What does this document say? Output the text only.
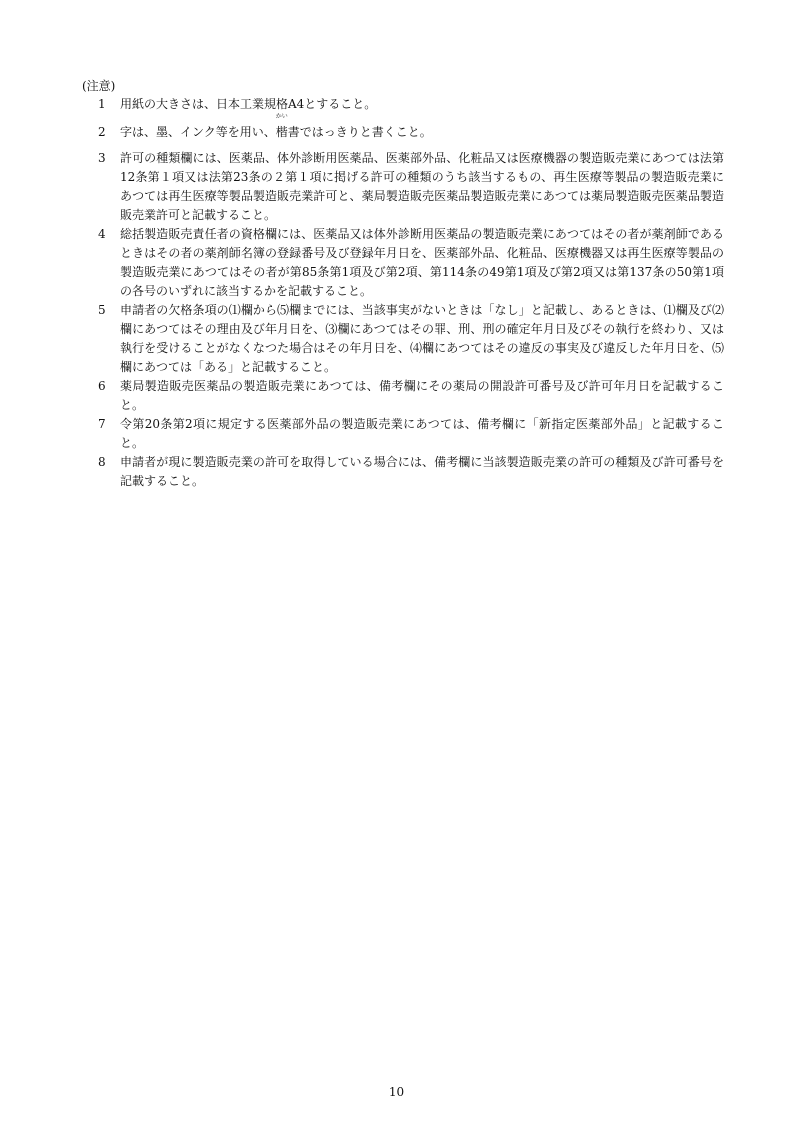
(注意)
1	用紙の大きさは、日本工業規格A4とすること。
2	字は、墨、インク等を用い、
かい
楷書ではっきりと書くこと。
3	許可の種類欄には、医薬品、体外診断用医薬品、医薬部外品、化粧品又は医療機器の製造販売業にあつては法第12条第１項又は法第23条の２第１項に掲げる許可の種類のうち該当するもの、再生医療等製品の製造販売業にあつては再生医療等製品製造販売業許可と、薬局製造販売医薬品製造販売業にあつては薬局製造販売医薬品製造販売業許可と記載すること。
4	総括製造販売責任者の資格欄には、医薬品又は体外診断用医薬品の製造販売業にあつてはその者が薬剤師であるときはその者の薬剤師名簿の登録番号及び登録年月日を、医薬部外品、化粧品、医療機器又は再生医療等製品の製造販売業にあつてはその者が第85条第1項及び第2項、第114条の49第1項及び第2項又は第137条の50第1項の各号のいずれに該当するかを記載すること。
5	申請者の欠格条項の⑴欄から⑸欄までには、当該事実がないときは「なし」と記載し、あるときは、⑴欄及び⑵欄にあつてはその理由及び年月日を、⑶欄にあつてはその罪、刑、刑の確定年月日及びその執行を終わり、又は執行を受けることがなくなつた場合はその年月日を、⑷欄にあつてはその違反の事実及び違反した年月日を、⑸欄にあつては「ある」と記載すること。
6	薬局製造販売医薬品の製造販売業にあつては、備考欄にその薬局の開設許可番号及び許可年月日を記載すること。
7	令第20条第2項に規定する医薬部外品の製造販売業にあつては、備考欄に「新指定医薬部外品」と記載すること。
8	申請者が現に製造販売業の許可を取得している場合には、備考欄に当該製造販売業の許可の種類及び許可番号を記載すること。
10
